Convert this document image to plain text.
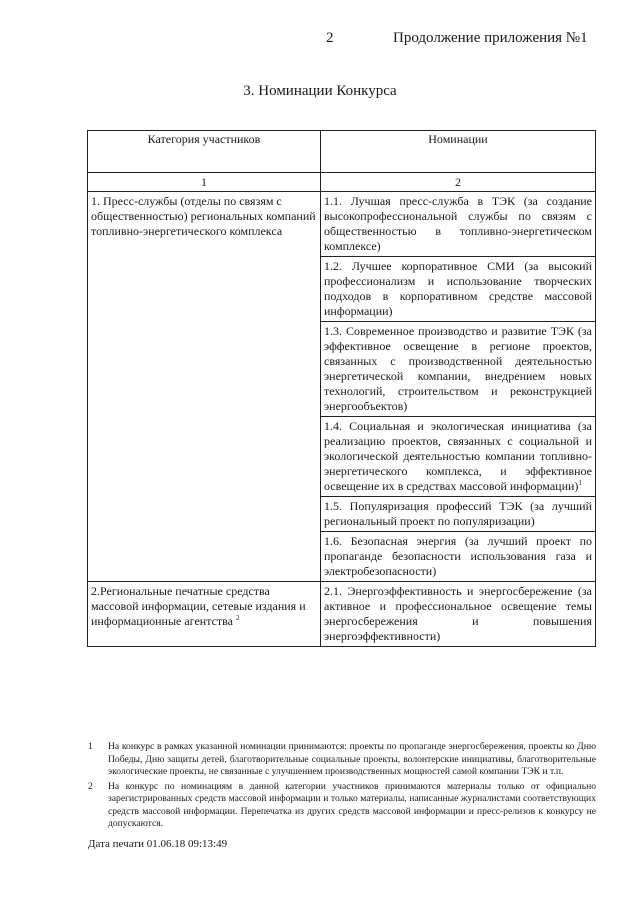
2	Продолжение приложения №1
3. Номинации Конкурса
Категория участников	Номинации
1	2
1. Пресс-службы (отделы по связям с общественностью) региональных компаний топливно-энергетического комплекса	1.1. Лучшая пресс-служба в ТЭК (за создание высокопрофессиональной службы по связям с общественностью в топливно-энергетическом комплексе)
	1.2. Лучшее корпоративное СМИ (за высокий профессионализм и использование творческих подходов в корпоративном средстве массовой информации)
	1.3. Современное производство и развитие ТЭК (за эффективное освещение в регионе проектов, связанных с производственной деятельностью энергетической компании, внедрением новых технологий, строительством и реконструкцией энергообъектов)
	1.4. Социальная и экологическая инициатива (за реализацию проектов, связанных с социальной и экологической деятельностью компании топливно-энергетического комплекса, и эффективное освещение их в средствах массовой информации)$^1$
	1.5. Популяризация профессий ТЭК (за лучший региональный проект по популяризации)
	1.6. Безопасная энергия (за лучший проект по пропаганде безопасности использования газа и электробезопасности)
2.Региональные печатные средства массовой информации, сетевые издания и информационные агентства $^2$	2.1. Энергоэффективность и энергосбережение (за активное и профессиональное освещение темы энергосбережения и повышения энергоэффективности)
1 На конкурс в рамках указанной номинации принимаются: проекты по пропаганде энергосбережения, проекты ко Дню Победы, Дню защиты детей, благотворительные социальные проекты, волонтерские инициативы, благотворительные экологические проекты, не связанные с улучшением производственных мощностей самой компании ТЭК и т.п.
2 На конкурс по номинациям в данной категории участников принимаются материалы только от официально зарегистрированных средств массовой информации и только материалы, написанные журналистами соответствующих средств массовой информации. Перепечатка из других средств массовой информации и пресс-релизов к конкурсу не допускаются.
Дата печати 01.06.18 09:13:49
